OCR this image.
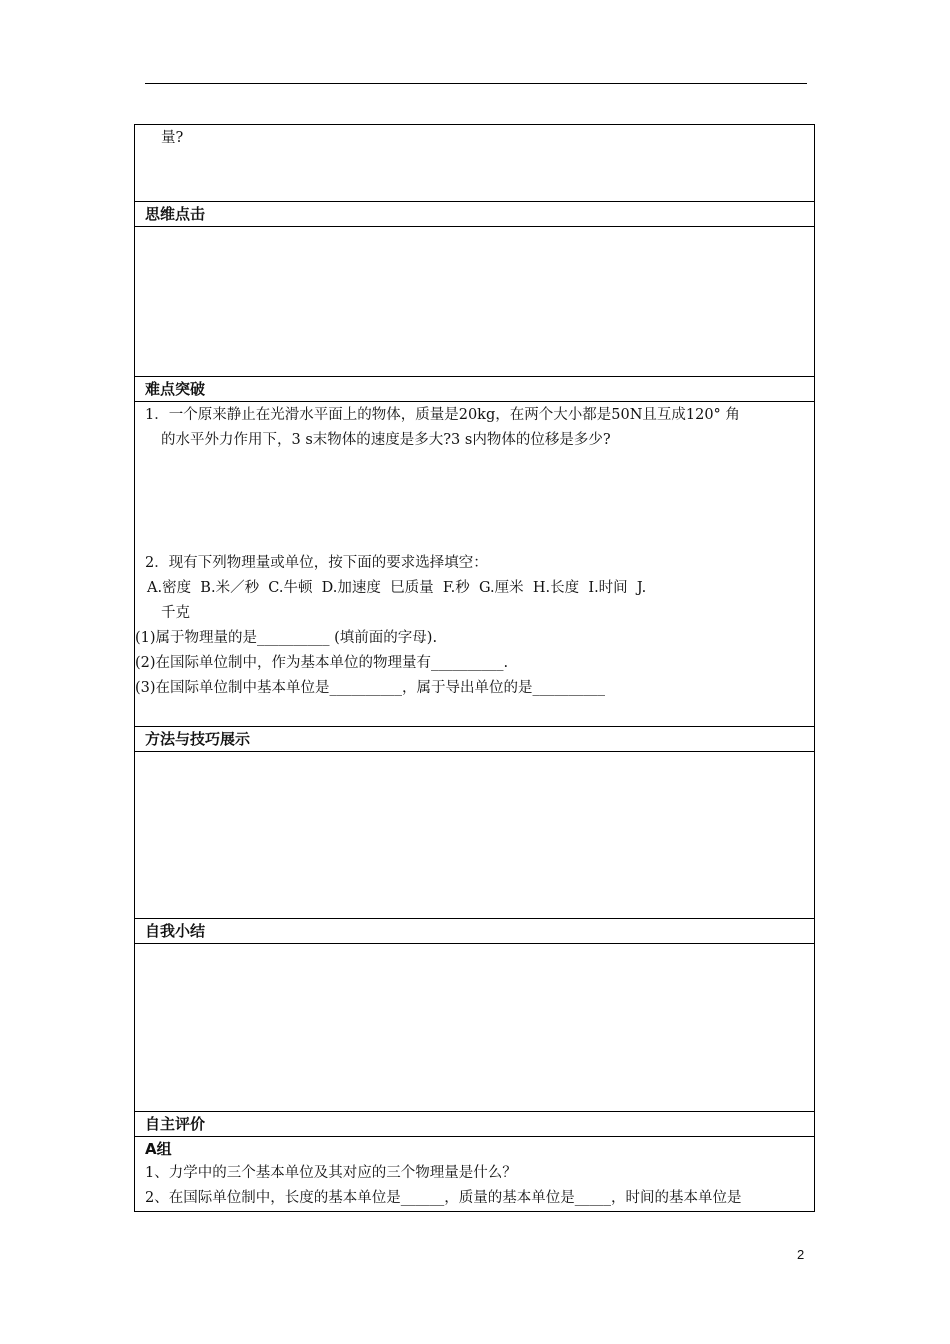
量?
思维点击
难点突破
1．一个原来静止在光滑水平面上的物体，质量是20kg，在两个大小都是50N且互成120° 角
的水平外力作用下，3 s末物体的速度是多大?3 s内物体的位移是多少?
2．现有下列物理量或单位，按下面的要求选择填空：
A.密度  B.米／秒  C.牛顿  D.加速度  巳质量  F.秒  G.厘米  H.长度  I.时间  J.
千克
(1)属于物理量的是__________ (填前面的字母).
(2)在国际单位制中，作为基本单位的物理量有__________.
(3)在国际单位制中基本单位是__________，属于导出单位的是__________
方法与技巧展示
自我小结
自主评价
A组
1、力学中的三个基本单位及其对应的三个物理量是什么？
2、在国际单位制中，长度的基本单位是______，质量的基本单位是_____，时间的基本单位是
2
